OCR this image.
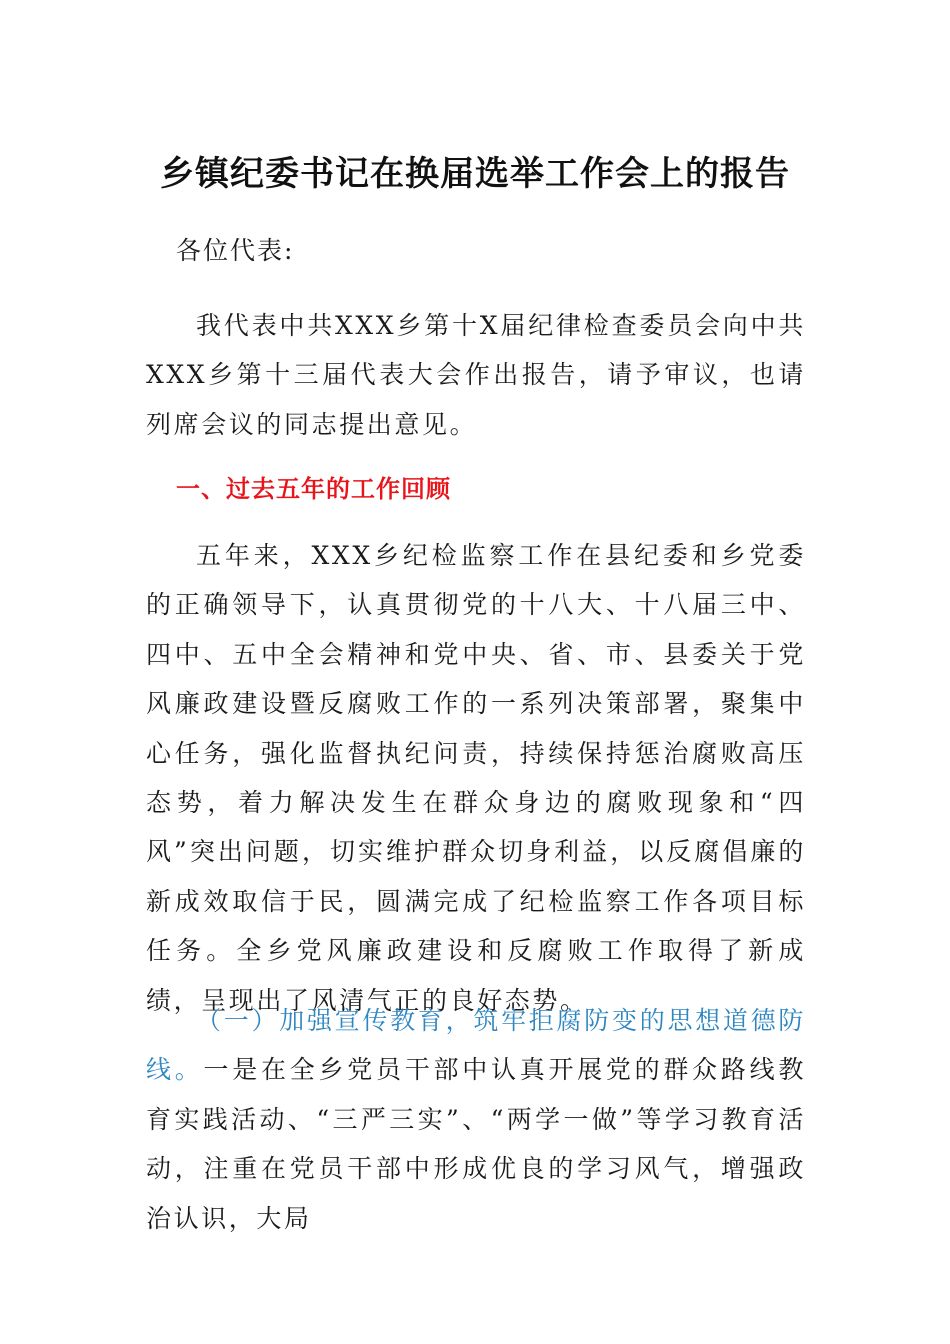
乡镇纪委书记在换届选举工作会上的报告
各位代表:

我代表中共XXX乡第十X届纪律检查委员会向中共XXX乡第十三届代表大会作出报告，请予审议，也请列席会议的同志提出意见。

一、过去五年的工作回顾

五年来，XXX乡纪检监察工作在县纪委和乡党委的正确领导下，认真贯彻党的十八大、十八届三中、四中、五中全会精神和党中央、省、市、县委关于党风廉政建设暨反腐败工作的一系列决策部署，聚集中心任务，强化监督执纪问责，持续保持惩治腐败高压态势，着力解决发生在群众身边的腐败现象和“四风”突出问题，切实维护群众切身利益，以反腐倡廉的新成效取信于民，圆满完成了纪检监察工作各项目标任务。全乡党风廉政建设和反腐败工作取得了新成绩，呈现出了风清气正的良好态势。

（一）加强宣传教育，筑牢拒腐防变的思想道德防线。一是在全乡党员干部中认真开展党的群众路线教育实践活动、“三严三实”、“两学一做”等学习教育活动，注重在党员干部中形成优良的学习风气，增强政治认识，大局
